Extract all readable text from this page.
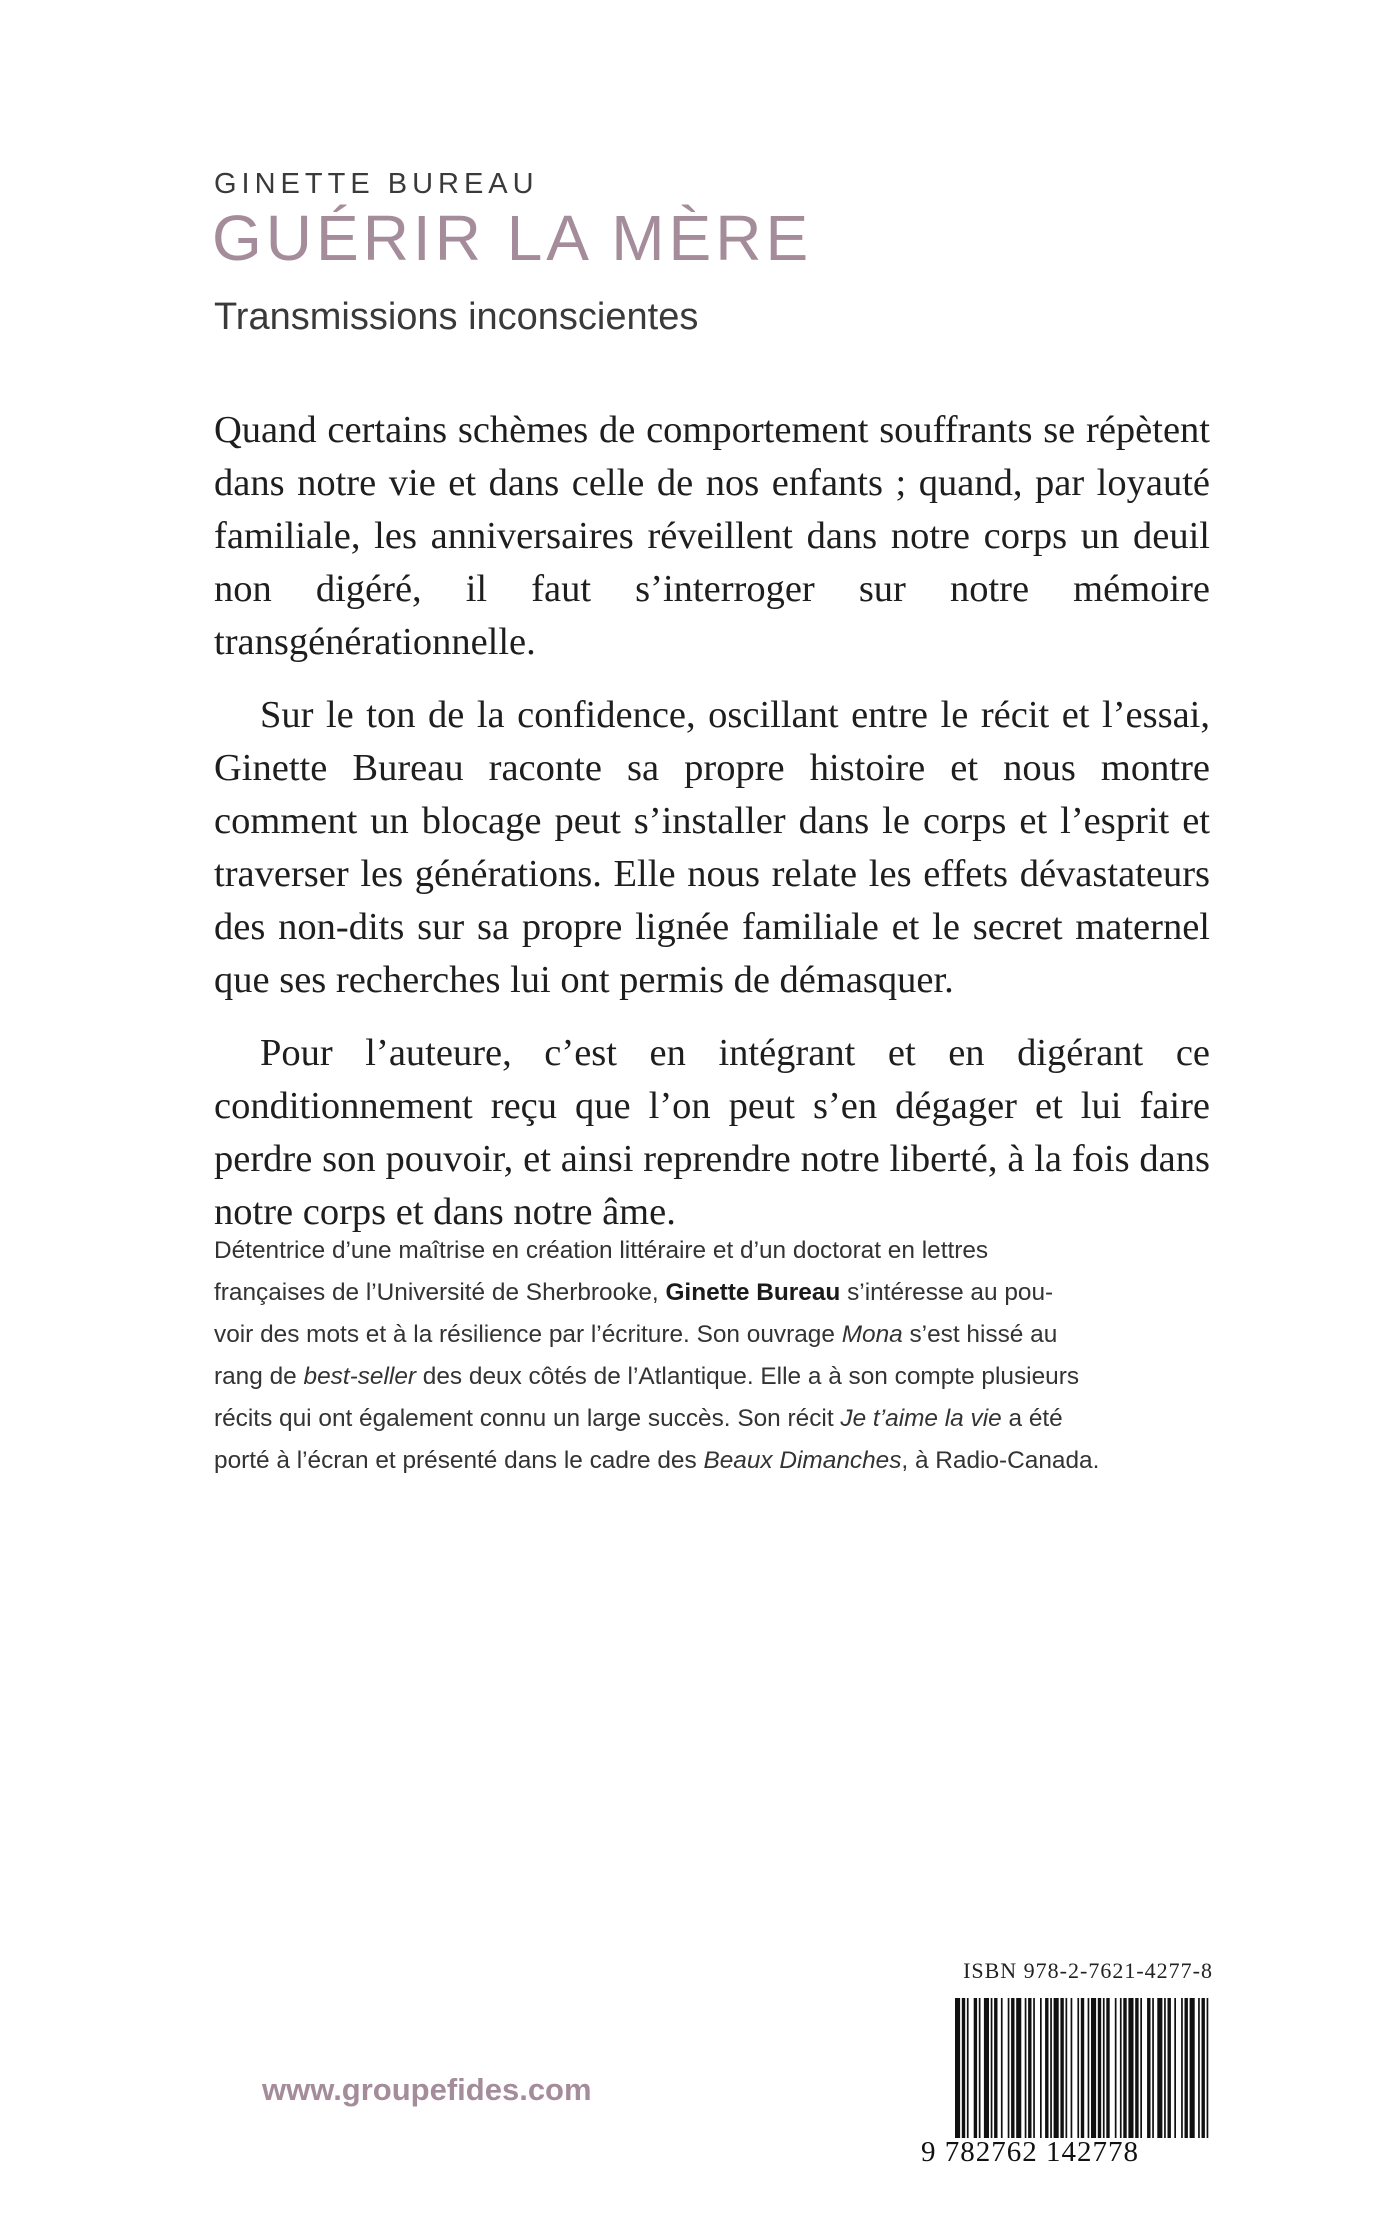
GINETTE BUREAU
GUÉRIR LA MÈRE
Transmissions inconscientes

Quand certains schèmes de comportement souffrants se répètent dans notre vie et dans celle de nos enfants ; quand, par loyauté familiale, les anniversaires réveillent dans notre corps un deuil non digéré, il faut s’interroger sur notre mémoire transgénérationnelle.

Sur le ton de la confidence, oscillant entre le récit et l’essai, Ginette Bureau raconte sa propre histoire et nous montre comment un blocage peut s’installer dans le corps et l’esprit et traverser les générations. Elle nous relate les effets dévastateurs des non-dits sur sa propre lignée familiale et le secret maternel que ses recherches lui ont permis de démasquer.

Pour l’auteure, c’est en intégrant et en digérant ce conditionnement reçu que l’on peut s’en dégager et lui faire perdre son pouvoir, et ainsi reprendre notre liberté, à la fois dans notre corps et dans notre âme.

Détentrice d’une maîtrise en création littéraire et d’un doctorat en lettres
françaises de l’Université de Sherbrooke, Ginette Bureau s’intéresse au pou-
voir des mots et à la résilience par l’écriture. Son ouvrage Mona s’est hissé au
rang de best-seller des deux côtés de l’Atlantique. Elle a à son compte plusieurs
récits qui ont également connu un large succès. Son récit Je t’aime la vie a été
porté à l’écran et présenté dans le cadre des Beaux Dimanches, à Radio-Canada.
www.groupefides.com
ISBN 978-2-7621-4277-8
9 782762 142778
